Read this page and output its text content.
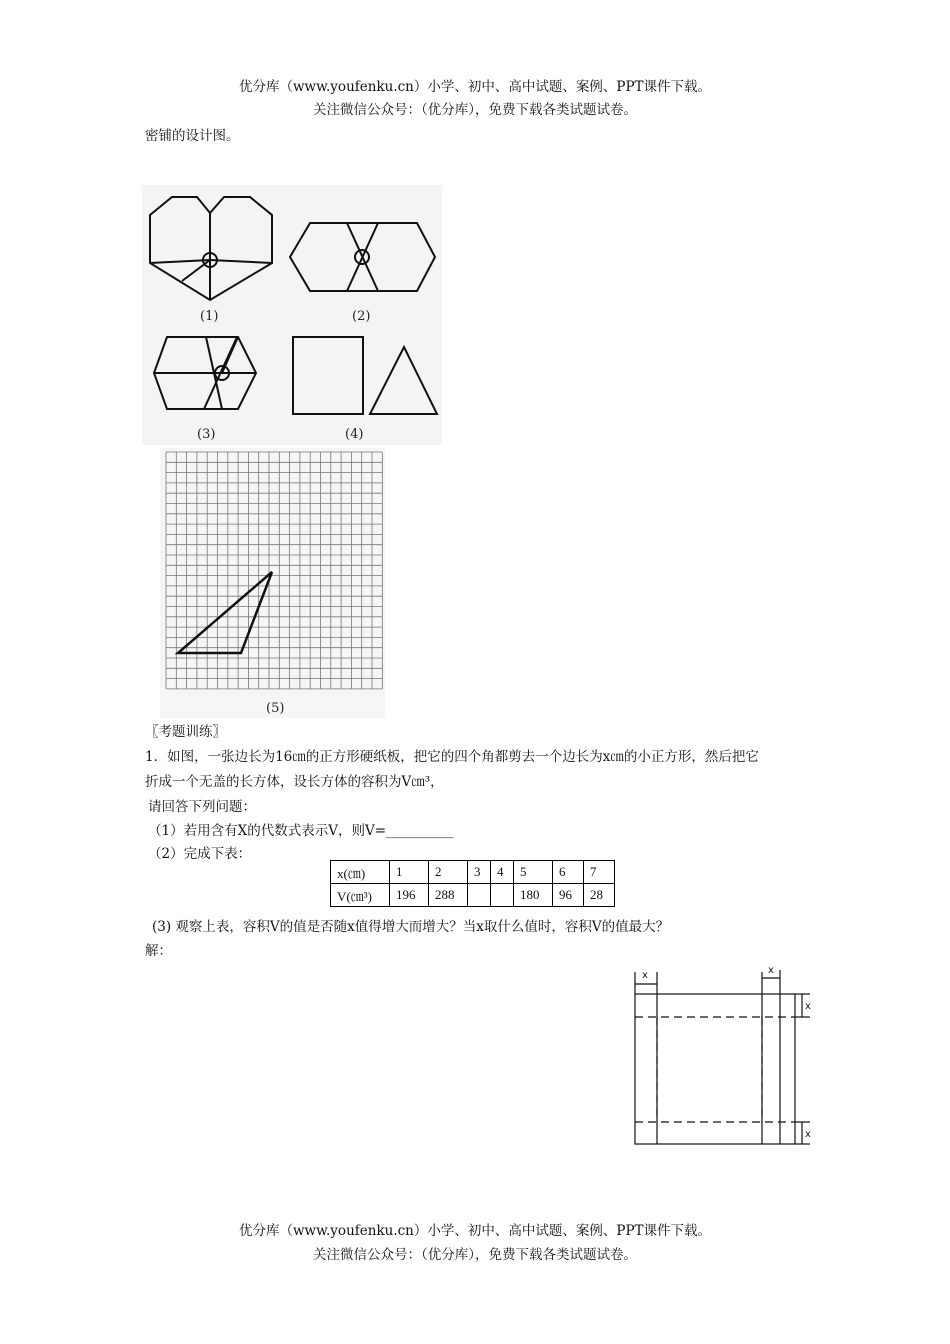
优分库（www.youfenku.cn）小学、初中、高中试题、案例、PPT课件下载。
关注微信公众号：（优分库），免费下载各类试题试卷。
密铺的设计图。
(1)	(2)
(3)	(4)
(5)
〖考题训练〗
1．如图，一张边长为16㎝的正方形硬纸板，把它的四个角都剪去一个边长为x㎝的小正方形，然后把它
折成一个无盖的长方体，设长方体的容积为V㎝³，
请回答下列问题：
（1）若用含有X的代数式表示V，则V=__________
（2）完成下表：
x(㎝)	1	2	3	4	5	6	7
V(㎝³)	196	288			180	96	28
(3) 观察上表，容积V的值是否随x值得增大而增大？当x取什么值时，容积V的值最大？
解：
x	x
x
x
优分库（www.youfenku.cn）小学、初中、高中试题、案例、PPT课件下载。
关注微信公众号：（优分库），免费下载各类试题试卷。
